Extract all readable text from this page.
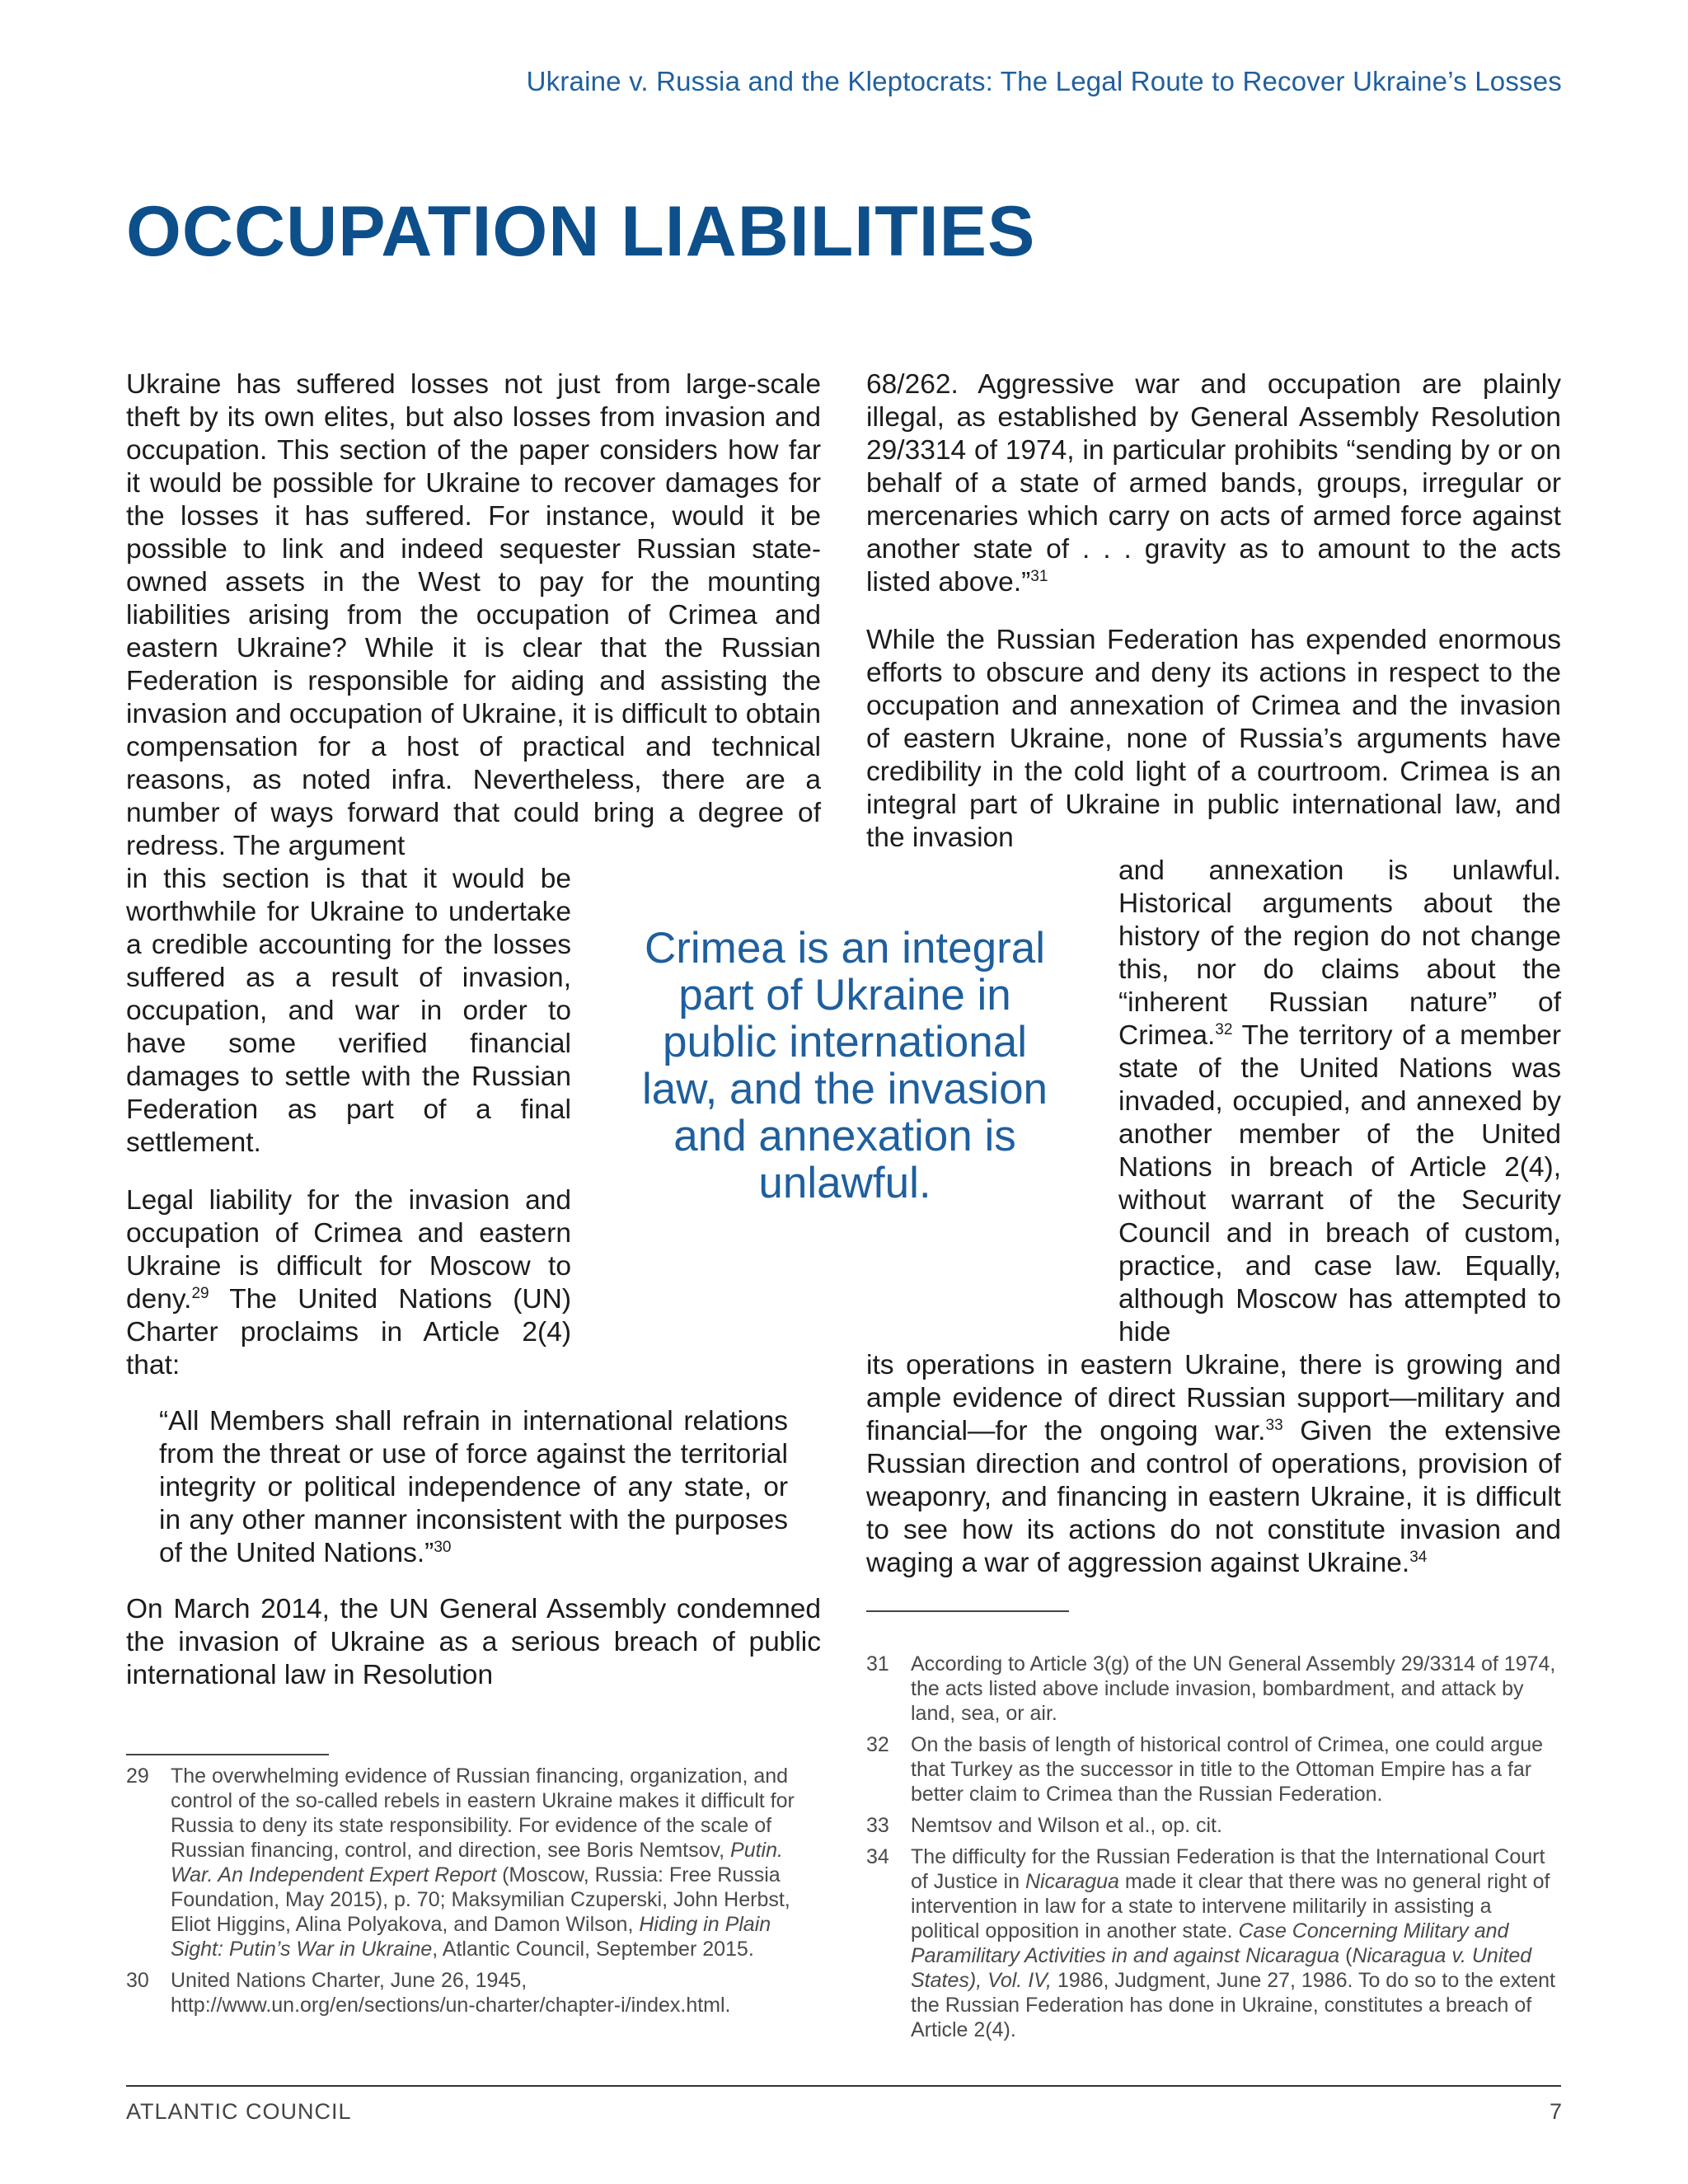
Ukraine v. Russia and the Kleptocrats: The Legal Route to Recover Ukraine’s Losses
OCCUPATION LIABILITIES

Ukraine has suffered losses not just from large-scale theft by its own elites, but also losses from invasion and occupation. This section of the paper considers how far it would be possible for Ukraine to recover damages for the losses it has suffered. For instance, would it be possible to link and indeed sequester Russian state-owned assets in the West to pay for the mounting liabilities arising from the occupation of Crimea and eastern Ukraine? While it is clear that the Russian Federation is responsible for aiding and assisting the invasion and occupation of Ukraine, it is difficult to obtain compensation for a host of practical and technical reasons, as noted infra. Nevertheless, there are a number of ways forward that could bring a degree of redress. The argument

in this section is that it would be worthwhile for Ukraine to undertake a credible accounting for the losses suffered as a result of invasion, occupation, and war in order to have some verified financial damages to settle with the Russian Federation as part of a final settlement.

Legal liability for the invasion and occupation of Crimea and eastern Ukraine is difficult for Moscow to deny.$^{29}$ The United Nations (UN) Charter proclaims in Article 2(4) that:

“All Members shall refrain in international relations from the threat or use of force against the territorial integrity or political independence of any state, or in any other manner inconsistent with the purposes of the United Nations.”$^{30}$

On March 2014, the UN General Assembly condemned the invasion of Ukraine as a serious breach of public international law in Resolution

68/262. Aggressive war and occupation are plainly illegal, as established by General Assembly Resolution 29/3314 of 1974, in particular prohibits “sending by or on behalf of a state of armed bands, groups, irregular or mercenaries which carry on acts of armed force against another state of . . . gravity as to amount to the acts listed above.”$^{31}$

While the Russian Federation has expended enormous efforts to obscure and deny its actions in respect to the occupation and annexation of Crimea and the invasion of eastern Ukraine, none of Russia’s arguments have credibility in the cold light of a courtroom. Crimea is an integral part of Ukraine in public international law, and the invasion

and annexation is unlawful. Historical arguments about the history of the region do not change this, nor do claims about the “inherent Russian nature” of Crimea.$^{32}$ The territory of a member state of the United Nations was invaded, occupied, and annexed by another member of the United Nations in breach of Article 2(4), without warrant of the Security Council and in breach of custom, practice, and case law. Equally, although Moscow has attempted to hide

its operations in eastern Ukraine, there is growing and ample evidence of direct Russian support—military and financial—for the ongoing war.$^{33}$ Given the extensive Russian direction and control of operations, provision of weaponry, and financing in eastern Ukraine, it is difficult to see how its actions do not constitute invasion and waging a war of aggression against Ukraine.$^{34}$

Crimea is an integral part of Ukraine in public international law, and the invasion and annexation is unlawful.
29	The overwhelming evidence of Russian financing, organization, and control of the so-called rebels in eastern Ukraine makes it difficult for Russia to deny its state responsibility. For evidence of the scale of Russian financing, control, and direction, see Boris Nemtsov, Putin. War. An Independent Expert Report (Moscow, Russia: Free Russia Foundation, May 2015), p. 70; Maksymilian Czuperski, John Herbst, Eliot Higgins, Alina Polyakova, and Damon Wilson, Hiding in Plain Sight: Putin’s War in Ukraine, Atlantic Council, September 2015.
30	United Nations Charter, June 26, 1945, http://www.un.org/en/sections/un-charter/chapter-i/index.html.
31	According to Article 3(g) of the UN General Assembly 29/3314 of 1974, the acts listed above include invasion, bombardment, and attack by land, sea, or air.
32	On the basis of length of historical control of Crimea, one could argue that Turkey as the successor in title to the Ottoman Empire has a far better claim to Crimea than the Russian Federation.
33	Nemtsov and Wilson et al., op. cit.
34	The difficulty for the Russian Federation is that the International Court of Justice in Nicaragua made it clear that there was no general right of intervention in law for a state to intervene militarily in assisting a political opposition in another state. Case Concerning Military and Paramilitary Activities in and against Nicaragua (Nicaragua v. United States), Vol. IV, 1986, Judgment, June 27, 1986. To do so to the extent the Russian Federation has done in Ukraine, constitutes a breach of Article 2(4).
ATLANTIC COUNCIL	7
